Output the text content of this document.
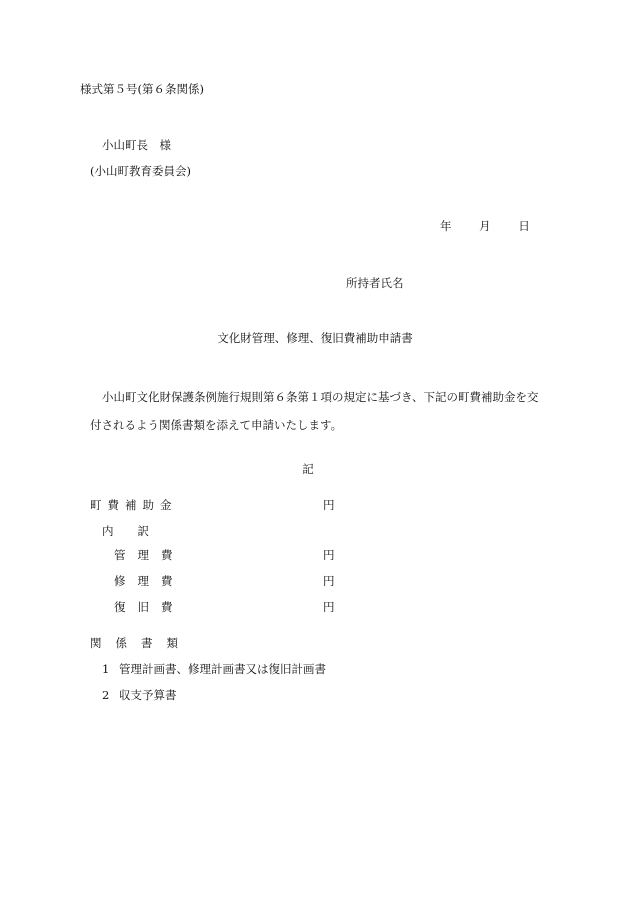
様式第５号(第６条関係)
小山町長　様
(小山町教育委員会)
年 月 日
所持者氏名
文化財管理、修理、復旧費補助申請書
小山町文化財保護条例施行規則第６条第１項の規定に基づき、下記の町費補助金を交
付されるよう関係書類を添えて申請いたします。
記
町費補助金	円
内訳
管理費	円
修理費	円
復旧費	円
関係書類
1 管理計画書、修理計画書又は復旧計画書
2 収支予算書
